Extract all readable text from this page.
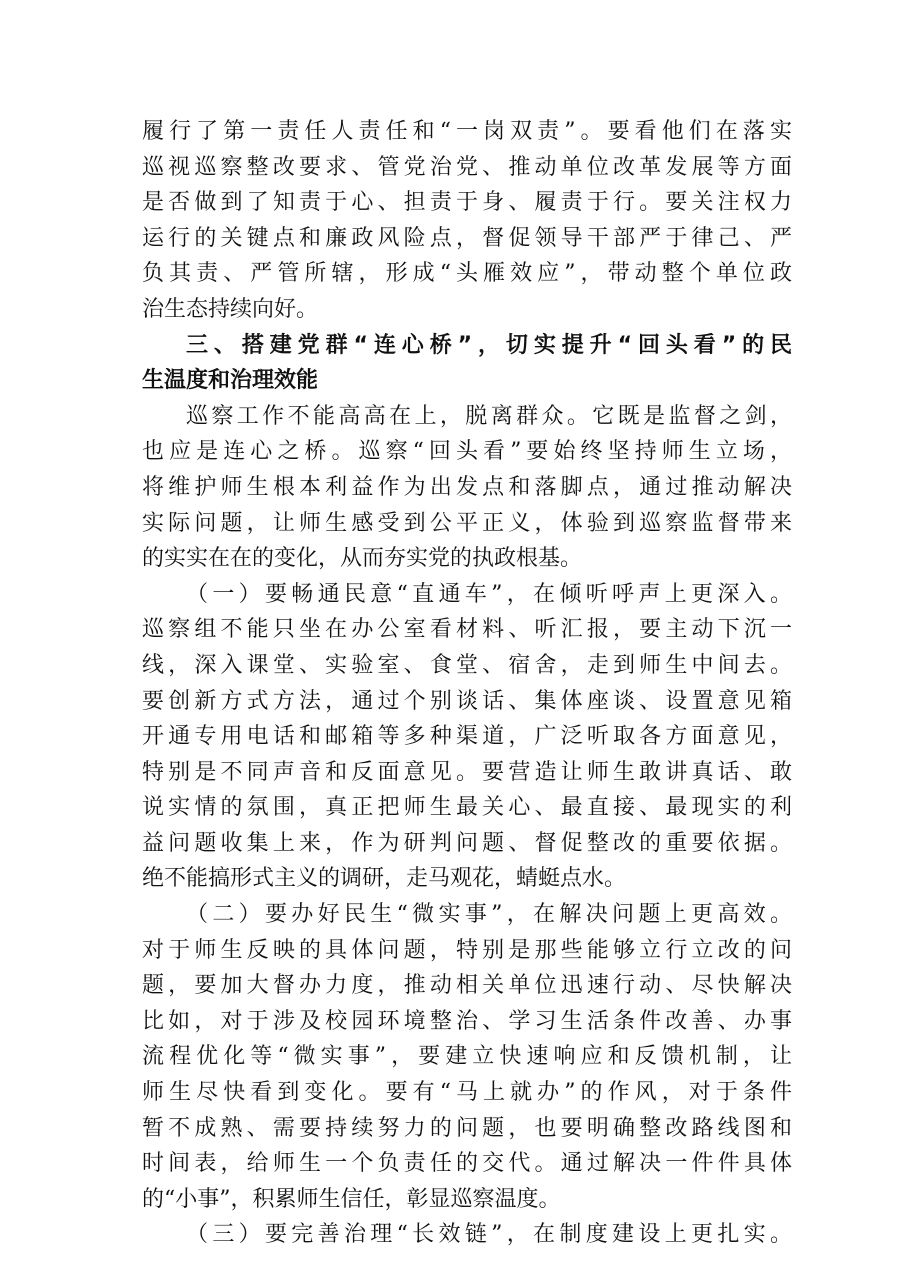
履行了第一责任人责任和“一岗双责”。要看他们在落实
巡视巡察整改要求、管党治党、推动单位改革发展等方面
是否做到了知责于心、担责于身、履责于行。要关注权力
运行的关键点和廉政风险点，督促领导干部严于律己、严
负其责、严管所辖，形成“头雁效应”，带动整个单位政
治生态持续向好。
三、搭建党群“连心桥”，切实提升“回头看”的民
生温度和治理效能
巡察工作不能高高在上，脱离群众。它既是监督之剑，
也应是连心之桥。巡察“回头看”要始终坚持师生立场，
将维护师生根本利益作为出发点和落脚点，通过推动解决
实际问题，让师生感受到公平正义，体验到巡察监督带来
的实实在在的变化，从而夯实党的执政根基。
（一）要畅通民意“直通车”，在倾听呼声上更深入。
巡察组不能只坐在办公室看材料、听汇报，要主动下沉一
线，深入课堂、实验室、食堂、宿舍，走到师生中间去。
要创新方式方法，通过个别谈话、集体座谈、设置意见箱
开通专用电话和邮箱等多种渠道，广泛听取各方面意见，
特别是不同声音和反面意见。要营造让师生敢讲真话、敢
说实情的氛围，真正把师生最关心、最直接、最现实的利
益问题收集上来，作为研判问题、督促整改的重要依据。
绝不能搞形式主义的调研，走马观花，蜻蜓点水。
（二）要办好民生“微实事”，在解决问题上更高效。
对于师生反映的具体问题，特别是那些能够立行立改的问
题，要加大督办力度，推动相关单位迅速行动、尽快解决
比如，对于涉及校园环境整治、学习生活条件改善、办事
流程优化等“微实事”，要建立快速响应和反馈机制，让
师生尽快看到变化。要有“马上就办”的作风，对于条件
暂不成熟、需要持续努力的问题，也要明确整改路线图和
时间表，给师生一个负责任的交代。通过解决一件件具体
的“小事”，积累师生信任，彰显巡察温度。
（三）要完善治理“长效链”，在制度建设上更扎实。
